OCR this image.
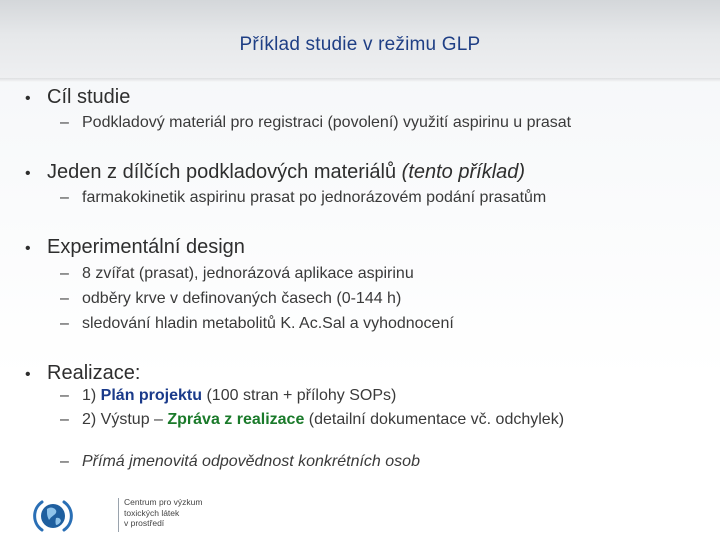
Příklad studie v režimu GLP
• Cíl studie
– Podkladový materiál pro registraci (povolení) využití aspirinu u prasat
• Jeden z dílčích podkladových materiálů (tento příklad)
– farmakokinetik aspirinu prasat po jednorázovém podání prasatům
• Experimentální design
– 8 zvířat (prasat), jednorázová aplikace aspirinu
– odběry krve v definovaných časech (0-144 h)
– sledování hladin metabolitů K. Ac.Sal a vyhodnocení
• Realizace:
– 1) Plán projektu (100 stran + přílohy SOPs)
– 2) Výstup – Zpráva z realizace (detailní dokumentace vč. odchylek)
– Přímá jmenovitá odpovědnost konkrétních osob
Centrum pro výzkum
toxických látek
v prostředí
